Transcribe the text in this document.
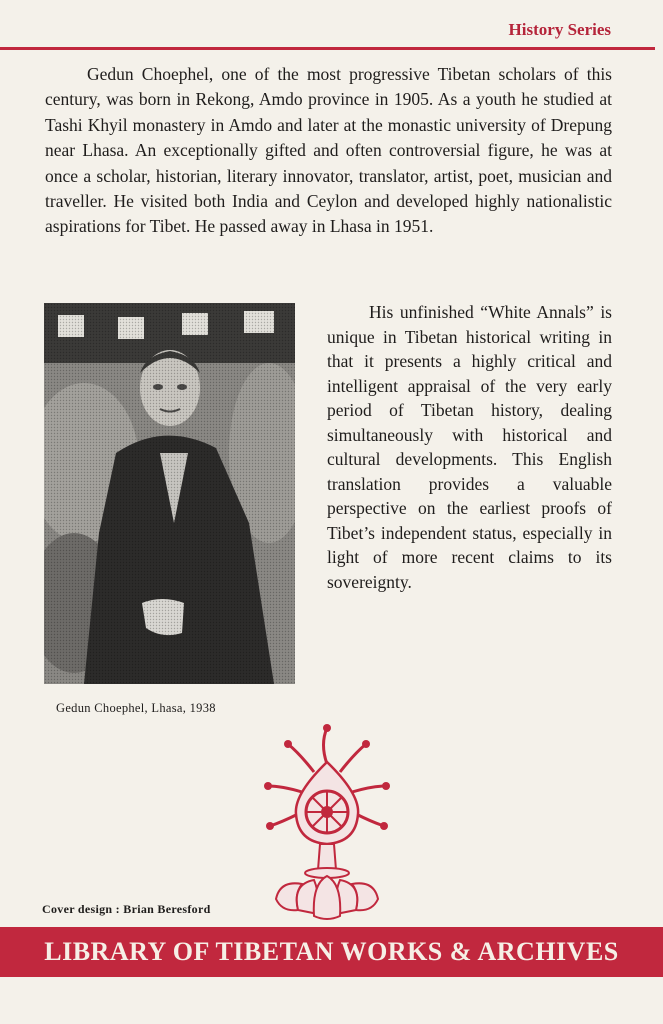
History Series

Gedun Choephel, one of the most progressive Tibetan scholars of this century, was born in Rekong, Amdo province in 1905. As a youth he studied at Tashi Khyil monastery in Amdo and later at the monastic university of Drepung near Lhasa. An exceptionally gifted and often controversial figure, he was at once a scholar, historian, literary innovator, translator, artist, poet, musician and traveller. He visited both India and Ceylon and developed highly nationalistic aspirations for Tibet. He passed away in Lhasa in 1951.

Gedun Choephel, Lhasa, 1938

His unfinished “White Annals” is unique in Tibetan historical writing in that it presents a highly critical and intelligent appraisal of the very early period of Tibetan history, dealing simultaneously with historical and cultural developments. This English translation provides a valuable perspective on the earliest proofs of Tibet’s independent status, especially in light of more recent claims to its sovereignty.

Cover design : Brian Beresford
LIBRARY OF TIBETAN WORKS & ARCHIVES
